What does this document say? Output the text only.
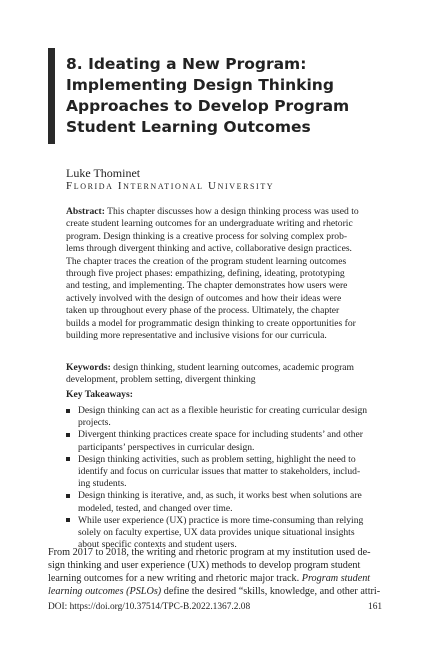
8. Ideating a New Program:
Implementing Design Thinking
Approaches to Develop Program
Student Learning Outcomes
Luke Thominet
Florida International University
Abstract: This chapter discusses how a design thinking process was used to
create student learning outcomes for an undergraduate writing and rhetoric
program. Design thinking is a creative process for solving complex prob-
lems through divergent thinking and active, collaborative design practices.
The chapter traces the creation of the program student learning outcomes
through five project phases: empathizing, defining, ideating, prototyping
and testing, and implementing. The chapter demonstrates how users were
actively involved with the design of outcomes and how their ideas were
taken up throughout every phase of the process. Ultimately, the chapter
builds a model for programmatic design thinking to create opportunities for
building more representative and inclusive visions for our curricula.
Keywords: design thinking, student learning outcomes, academic program
development, problem setting, divergent thinking
Key Takeaways:
Design thinking can act as a flexible heuristic for creating curricular design
projects.
Divergent thinking practices create space for including students’ and other
participants’ perspectives in curricular design.
Design thinking activities, such as problem setting, highlight the need to
identify and focus on curricular issues that matter to stakeholders, includ-
ing students.
Design thinking is iterative, and, as such, it works best when solutions are
modeled, tested, and changed over time.
While user experience (UX) practice is more time-consuming than relying
solely on faculty expertise, UX data provides unique situational insights
about specific contexts and student users.
From 2017 to 2018, the writing and rhetoric program at my institution used de-
sign thinking and user experience (UX) methods to develop program student
learning outcomes for a new writing and rhetoric major track. Program student
learning outcomes (PSLOs) define the desired “skills, knowledge, and other attri-
DOI: https://doi.org/10.37514/TPC-B.2022.1367.2.08	161
